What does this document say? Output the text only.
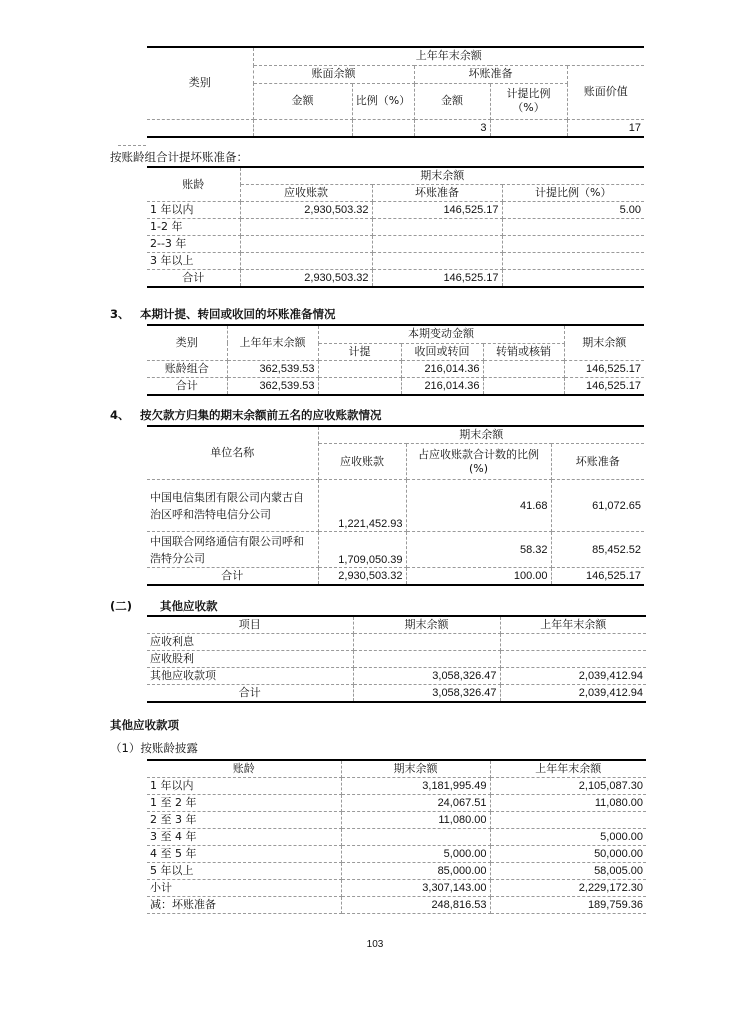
类别	上年年末余额				
	账面余额		坏账准备		账面价值
	金额	比例（%）	金额	计提比例（%）	
			3		17
按账龄组合计提坏账准备：
账龄	期末余额		
	应收账款	坏账准备	计提比例（%）
1 年以内	2,930,503.32	146,525.17	5.00
1-2 年			
2--3 年			
3 年以上			
合计	2,930,503.32	146,525.17	
3、 本期计提、转回或收回的坏账准备情况
类别	上年年末余额	本期变动金额			期末余额
		计提	收回或转回	转销或核销	
账龄组合	362,539.53		216,014.36		146,525.17
合计	362,539.53		216,014.36		146,525.17
4、 按欠款方归集的期末余额前五名的应收账款情况
单位名称	期末余额		
	应收账款	占应收账款合计数的比例(%)	坏账准备
中国电信集团有限公司内蒙古自治区呼和浩特电信分公司	1,221,452.93	41.68	61,072.65
中国联合网络通信有限公司呼和浩特分公司	1,709,050.39	58.32	85,452.52
合计	2,930,503.32	100.00	146,525.17
(二) 其他应收款
项目	期末余额	上年年末余额
应收利息		
应收股利		
其他应收款项	3,058,326.47	2,039,412.94
合计	3,058,326.47	2,039,412.94
其他应收款项
（1）按账龄披露
账龄	期末余额	上年年末余额
1 年以内	3,181,995.49	2,105,087.30
1 至 2 年	24,067.51	11,080.00
2 至 3 年	11,080.00	
3 至 4 年		5,000.00
4 至 5 年	5,000.00	50,000.00
5 年以上	85,000.00	58,005.00
小计	3,307,143.00	2,229,172.30
减：坏账准备	248,816.53	189,759.36
103
